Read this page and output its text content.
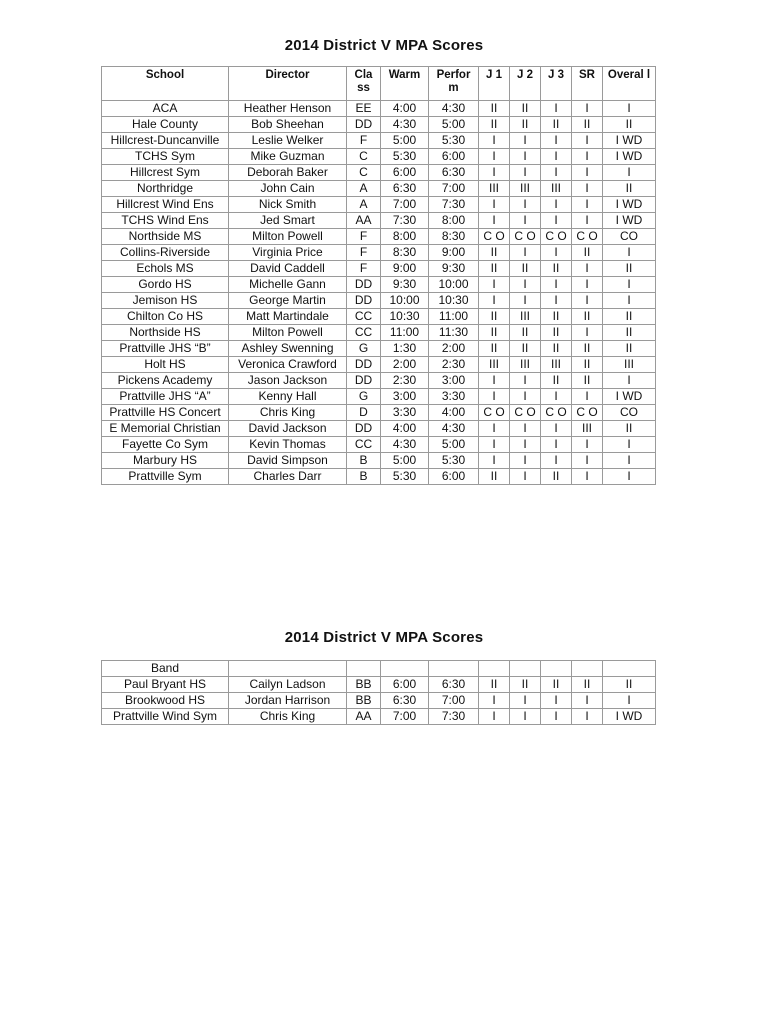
2014 District V MPA Scores
School	Director	Cla ss	Warm	Perfor m	J 1	J 2	J 3	SR	Overal l
ACA	Heather Henson	EE	4:00	4:30	II	II	I	I	I
Hale County	Bob Sheehan	DD	4:30	5:00	II	II	II	II	II
Hillcrest-Duncanville	Leslie Welker	F	5:00	5:30	I	I	I	I	I WD
TCHS Sym	Mike Guzman	C	5:30	6:00	I	I	I	I	I WD
Hillcrest Sym	Deborah Baker	C	6:00	6:30	I	I	I	I	I
Northridge	John Cain	A	6:30	7:00	III	III	III	I	II
Hillcrest Wind Ens	Nick Smith	A	7:00	7:30	I	I	I	I	I WD
TCHS Wind Ens	Jed Smart	AA	7:30	8:00	I	I	I	I	I WD
Northside MS	Milton Powell	F	8:00	8:30	C O	C O	C O	C O	CO
Collins-Riverside	Virginia Price	F	8:30	9:00	II	I	I	II	I
Echols MS	David Caddell	F	9:00	9:30	II	II	II	I	II
Gordo HS	Michelle Gann	DD	9:30	10:00	I	I	I	I	I
Jemison HS	George Martin	DD	10:00	10:30	I	I	I	I	I
Chilton Co HS	Matt Martindale	CC	10:30	11:00	II	III	II	II	II
Northside HS	Milton Powell	CC	11:00	11:30	II	II	II	I	II
Prattville JHS “B”	Ashley Swenning	G	1:30	2:00	II	II	II	II	II
Holt HS	Veronica Crawford	DD	2:00	2:30	III	III	III	II	III
Pickens Academy	Jason Jackson	DD	2:30	3:00	I	I	II	II	I
Prattville JHS “A”	Kenny Hall	G	3:00	3:30	I	I	I	I	I WD
Prattville HS Concert	Chris King	D	3:30	4:00	C O	C O	C O	C O	CO
E Memorial Christian	David Jackson	DD	4:00	4:30	I	I	I	III	II
Fayette Co Sym	Kevin Thomas	CC	4:30	5:00	I	I	I	I	I
Marbury HS	David Simpson	B	5:00	5:30	I	I	I	I	I
Prattville Sym	Charles Darr	B	5:30	6:00	II	I	II	I	I
2014 District V MPA Scores
Band									
Paul Bryant HS	Cailyn Ladson	BB	6:00	6:30	II	II	II	II	II
Brookwood HS	Jordan Harrison	BB	6:30	7:00	I	I	I	I	I
Prattville Wind Sym	Chris King	AA	7:00	7:30	I	I	I	I	I WD
